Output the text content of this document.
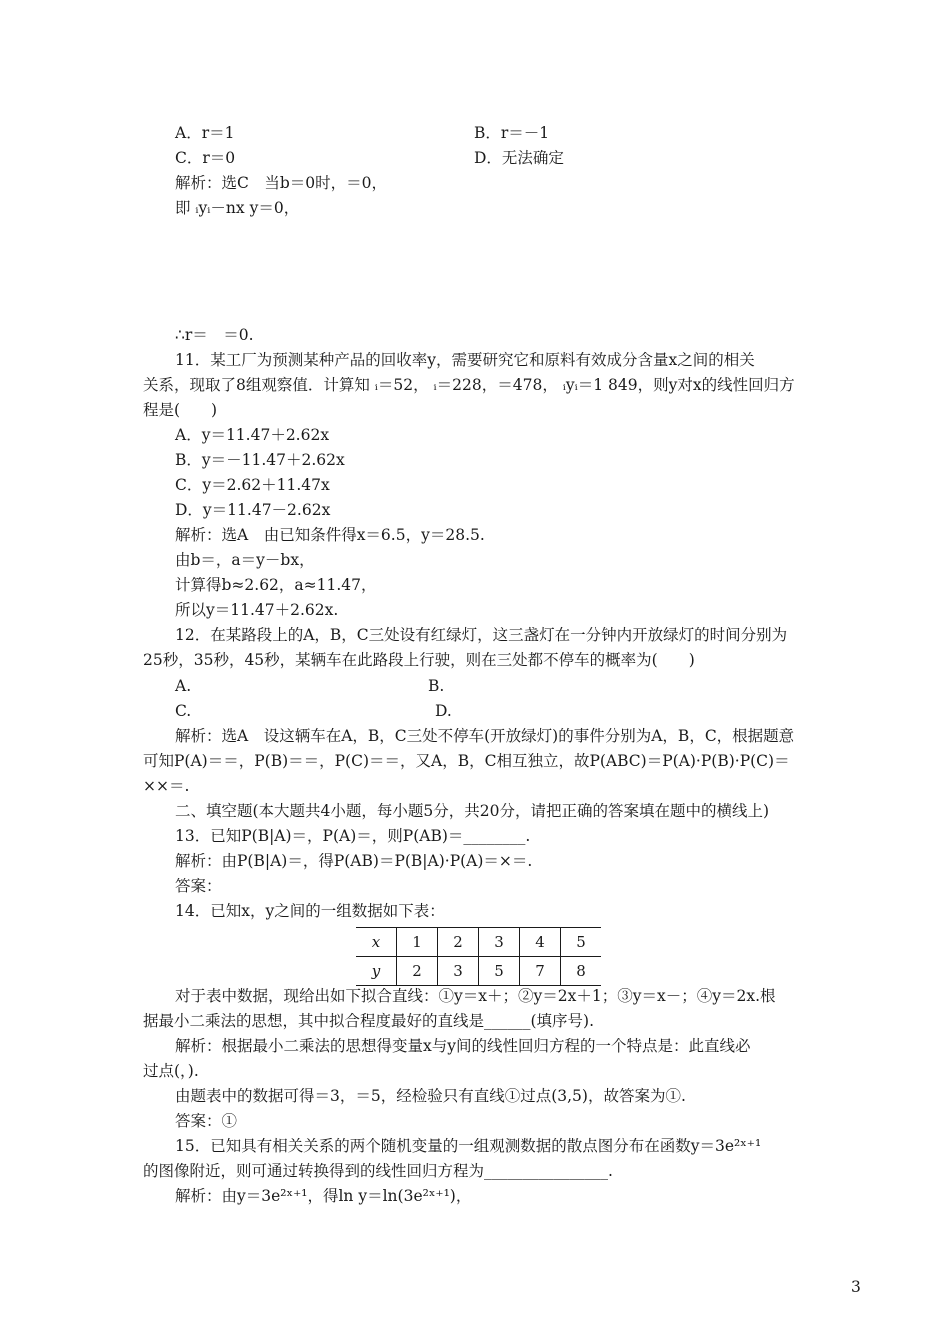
A．r＝1	B．r＝－1
C．r＝0	D．无法确定
解析：选C　当b＝0时，＝0，
即 ᵢyᵢ－nx y＝0，
∴r＝　＝0.
11．某工厂为预测某种产品的回收率y，需要研究它和原料有效成分含量x之间的相关
关系，现取了8组观察值．计算知 ᵢ＝52， ᵢ＝228，＝478， ᵢyᵢ＝1 849，则y对x的线性回归方
程是(　　)
A．y＝11.47＋2.62x
B．y＝－11.47＋2.62x
C．y＝2.62＋11.47x
D．y＝11.47－2.62x
解析：选A　由已知条件得x＝6.5，y＝28.5.
由b＝，a＝y－bx，
计算得b≈2.62，a≈11.47，
所以y＝11.47＋2.62x.
12．在某路段上的A，B，C三处设有红绿灯，这三盏灯在一分钟内开放绿灯的时间分别为
25秒，35秒，45秒，某辆车在此路段上行驶，则在三处都不停车的概率为(　　)
A.	B.
C.	D.
解析：选A　设这辆车在A，B，C三处不停车(开放绿灯)的事件分别为A，B，C，根据题意
可知P(A)＝＝，P(B)＝＝，P(C)＝＝，又A，B，C相互独立，故P(ABC)＝P(A)·P(B)·P(C)＝
××＝.
二、填空题(本大题共4小题，每小题5分，共20分，请把正确的答案填在题中的横线上)
13．已知P(B|A)＝，P(A)＝，则P(AB)＝________.
解析：由P(B|A)＝，得P(AB)＝P(B|A)·P(A)＝×＝.
答案：
14．已知x，y之间的一组数据如下表：
对于表中数据，现给出如下拟合直线：①y＝x＋；②y＝2x＋1；③y＝x－；④y＝2x.根
据最小二乘法的思想，其中拟合程度最好的直线是______(填序号).
解析：根据最小二乘法的思想得变量x与y间的线性回归方程的一个特点是：此直线必
过点(，).
由题表中的数据可得＝3，＝5，经检验只有直线①过点(3,5)，故答案为①.
答案：①
15．已知具有相关关系的两个随机变量的一组观测数据的散点图分布在函数y＝3e²ˣ⁺¹
的图像附近，则可通过转换得到的线性回归方程为________________.
解析：由y＝3e²ˣ⁺¹，得ln y＝ln(3e²ˣ⁺¹)，
x	1	2	3	4	5
y	2	3	5	7	8
3
